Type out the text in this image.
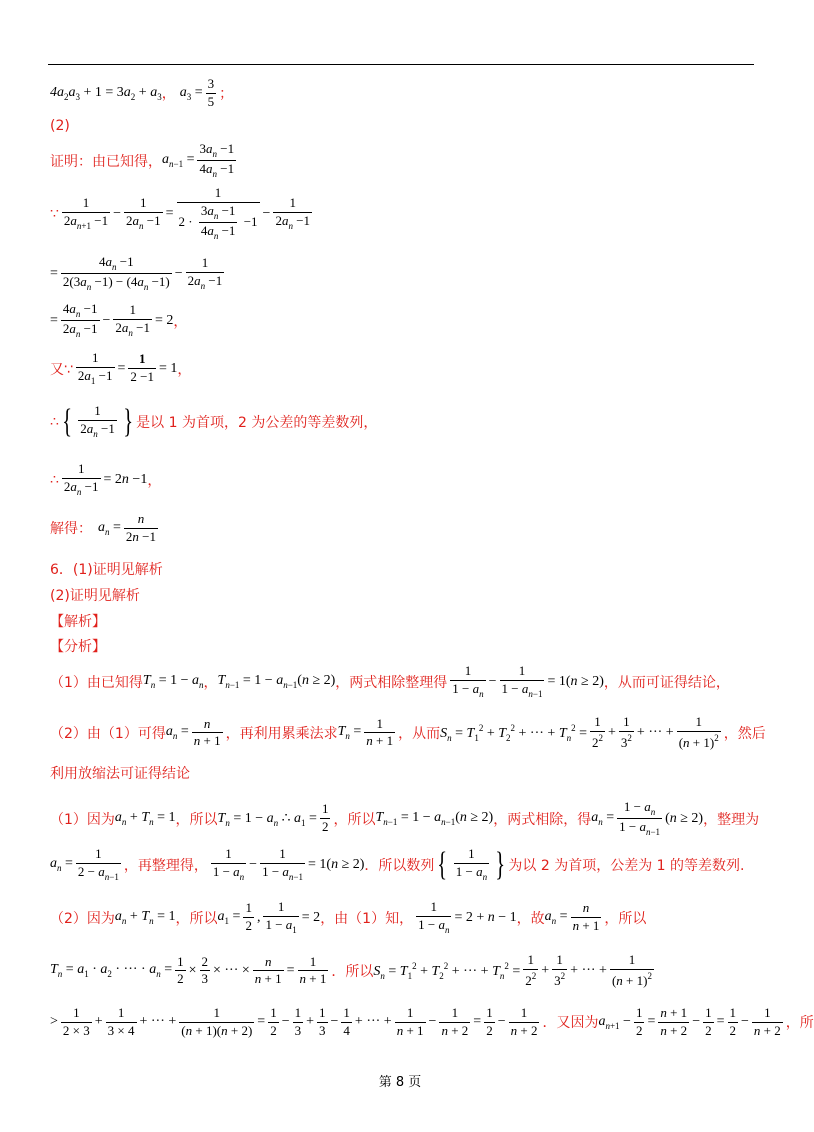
$4a_2a_3 + 1 = 3a_2 + a_3$ ， $a_3 = \frac{3}{5}$ ；
(2)
证明：由已知得， $a_{n-1} = \frac{3a_n -1}{4a_n -1}$
∵
1
$2a_{n+1} -1 - \frac{1}{2a_n -1} = \frac{1}{2 \cdot \frac{3a_n -1}{4a_n -1} -1} - \frac{1}{2a_n -1}$
= $\frac{4a_n -1}{2(3a_n -1) - (4a_n -1)} - \frac{1}{2a_n -1}$
= $\frac{4a_n -1}{2a_n -1} - \frac{1}{2a_n -1} = 2$ ，
又∵ $\frac{1}{2a_1 -1} = \frac{1}{2 -1} = 1$ ，
∴ { 1
$2a_n -1$ } 是以 1 为首项，2 为公差的等差数列，
∴ $\frac{1}{2a_n -1} = 2n -1$ ，
解得： $a_n = \frac{n}{2n -1}$
6．(1)证明见解析
(2)证明见解析
【解析】
【分析】
（1）由已知得 $T_n = 1 - a_n$ ， $T_{n-1} = 1 - a_{n-1}(n \ge 2)$ ，两式相除整理得
1
$1 - a_n$
− $\frac{1}{1 - a_{n-1}} = 1(n \ge 2)$ ，从而可证得结论，
（2）由（1）可得 $a_n = \frac{n}{n + 1}$ ，再利用累乘法求 $T_n = \frac{1}{n + 1}$ ，从而 $S_n = T_1^2 + T_2^2$ + ··· + $T_n^2 = \frac{1}{2^2} + \frac{1}{3^2}$ + ··· + $\frac{1}{(n + 1)^2}$ ，然后
利用放缩法可证得结论
（1）因为 $a_n + T_n = 1$ ，所以 $T_n = 1 - a_n$ ∴ $a_1 = \frac{1}{2}$ ，所以 $T_{n-1} = 1 - a_{n-1}(n \ge 2)$ ，两式相除，得 $a_n = \frac{1 - a_n}{1 - a_{n-1}} (n \ge 2)$ ，整理为
$a_n = \frac{1}{2 - a_{n-1}}$ ，再整理得，
1
$1 - a_n$
− $\frac{1}{1 - a_{n-1}} = 1(n \ge 2)$ ．所以数列 { 1
$1 - a_n$ } 为以 2 为首项，公差为 1 的等差数列.
（2）因为 $a_n + T_n = 1$ ，所以 $a_1 = \frac{1}{2}$ , $\frac{1}{1 - a_1} = 2$ ，由（1）知， $\frac{1}{1 - a_n} = 2 + n - 1$ ，故 $a_n = \frac{n}{n + 1}$ ，所以
$T_n = a_1 \cdot a_2$ · ··· · $a_n = \frac{1}{2} \times \frac{2}{3}$ × ··· × $\frac{n}{n + 1} = \frac{1}{n + 1}$ ．所以 $S_n = T_1^2 + T_2^2$ + ··· + $T_n^2 = \frac{1}{2^2} + \frac{1}{3^2}$ + ··· + $\frac{1}{(n + 1)^2}$
>
1
2 × 3
+ $\frac{1}{3 \times 4}$ + ··· + $\frac{1}{(n + 1)(n + 2)} = \frac{1}{2} - \frac{1}{3} + \frac{1}{3} - \frac{1}{4}$ + ··· + $\frac{1}{n + 1} - \frac{1}{n + 2} = \frac{1}{2} - \frac{1}{n + 2}$ ．又因为 $a_{n+1} - \frac{1}{2} = \frac{n + 1}{n + 2} - \frac{1}{2} = \frac{1}{2} - \frac{1}{n + 2}$ ，所
第 8 页
